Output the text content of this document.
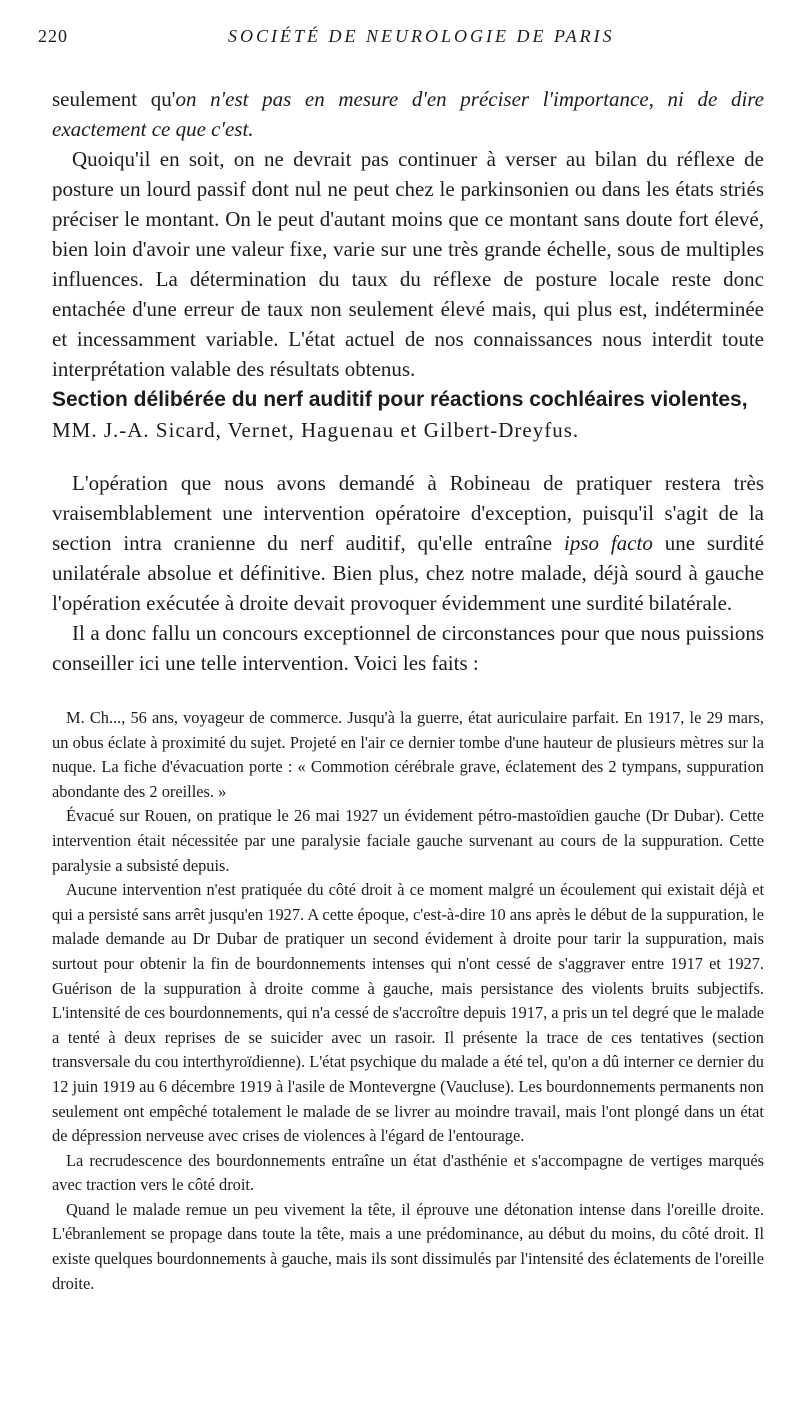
220	SOCIÉTÉ DE NEUROLOGIE DE PARIS

seulement qu'on n'est pas en mesure d'en préciser l'importance, ni de dire exactement ce que c'est.

Quoiqu'il en soit, on ne devrait pas continuer à verser au bilan du réflexe de posture un lourd passif dont nul ne peut chez le parkinsonien ou dans les états striés préciser le montant. On le peut d'autant moins que ce montant sans doute fort élevé, bien loin d'avoir une valeur fixe, varie sur une très grande échelle, sous de multiples influences. La détermination du taux du réflexe de posture locale reste donc entachée d'une erreur de taux non seulement élevé mais, qui plus est, indéterminée et incessamment variable. L'état actuel de nos connaissances nous interdit toute interprétation valable des résultats obtenus.

Section délibérée du nerf auditif pour réactions cochléaires violentes, MM. J.-A. Sicard, Vernet, Haguenau et Gilbert-Dreyfus.

L'opération que nous avons demandé à Robineau de pratiquer restera très vraisemblablement une intervention opératoire d'exception, puisqu'il s'agit de la section intra cranienne du nerf auditif, qu'elle entraîne ipso facto une surdité unilatérale absolue et définitive. Bien plus, chez notre malade, déjà sourd à gauche l'opération exécutée à droite devait provoquer évidemment une surdité bilatérale.

Il a donc fallu un concours exceptionnel de circonstances pour que nous puissions conseiller ici une telle intervention. Voici les faits :

M. Ch..., 56 ans, voyageur de commerce. Jusqu'à la guerre, état auriculaire parfait. En 1917, le 29 mars, un obus éclate à proximité du sujet. Projeté en l'air ce dernier tombe d'une hauteur de plusieurs mètres sur la nuque. La fiche d'évacuation porte : « Commotion cérébrale grave, éclatement des 2 tympans, suppuration abondante des 2 oreilles. »

Évacué sur Rouen, on pratique le 26 mai 1927 un évidement pétro-mastoïdien gauche (Dr Dubar). Cette intervention était nécessitée par une paralysie faciale gauche survenant au cours de la suppuration. Cette paralysie a subsisté depuis.

Aucune intervention n'est pratiquée du côté droit à ce moment malgré un écoulement qui existait déjà et qui a persisté sans arrêt jusqu'en 1927. A cette époque, c'est-à-dire 10 ans après le début de la suppuration, le malade demande au Dr Dubar de pratiquer un second évidement à droite pour tarir la suppuration, mais surtout pour obtenir la fin de bourdonnements intenses qui n'ont cessé de s'aggraver entre 1917 et 1927. Guérison de la suppuration à droite comme à gauche, mais persistance des violents bruits subjectifs. L'intensité de ces bourdonnements, qui n'a cessé de s'accroître depuis 1917, a pris un tel degré que le malade a tenté à deux reprises de se suicider avec un rasoir. Il présente la trace de ces tentatives (section transversale du cou interthyroïdienne). L'état psychique du malade a été tel, qu'on a dû interner ce dernier du 12 juin 1919 au 6 décembre 1919 à l'asile de Montevergne (Vaucluse). Les bourdonnements permanents non seulement ont empêché totalement le malade de se livrer au moindre travail, mais l'ont plongé dans un état de dépression nerveuse avec crises de violences à l'égard de l'entourage.

La recrudescence des bourdonnements entraîne un état d'asthénie et s'accompagne de vertiges marqués avec traction vers le côté droit.

Quand le malade remue un peu vivement la tête, il éprouve une détonation intense dans l'oreille droite. L'ébranlement se propage dans toute la tête, mais a une prédominance, au début du moins, du côté droit. Il existe quelques bourdonnements à gauche, mais ils sont dissimulés par l'intensité des éclatements de l'oreille droite.
